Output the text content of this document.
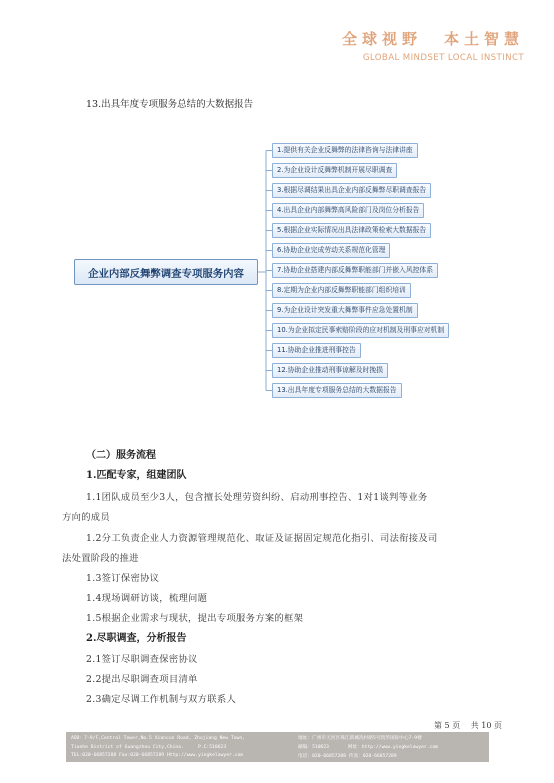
全球视野 本土智慧
GLOBAL MINDSET LOCAL INSTINCT
13.出具年度专项服务总结的大数据报告
企业内部反舞弊调查专项服务内容
1.提供有关企业反舞弊的法律咨询与法律讲座
2.为企业设计反舞弊机制开展尽职调查
3.根据尽调结果出具企业内部反舞弊尽职调查报告
4.出具企业内部舞弊高风险部门及岗位分析报告
5.根据企业实际情况出具法律政策检索大数据报告
6.协助企业完成劳动关系规范化管理
7.协助企业搭建内部反舞弊职能部门并嵌入风控体系
8.定期为企业内部反舞弊职能部门组织培训
9.为企业设计突发重大舞弊事件应急处置机制
10.为企业拟定民事索赔阶段的应对机制及刑事应对机制
11.协助企业推进刑事控告
12.协助企业推动刑事谅解及时挽损
13.出具年度专项服务总结的大数据报告
（二）服务流程
1.匹配专家，组建团队
1.1团队成员至少3人，包含擅长处理劳资纠纷、启动刑事控告、1对1谈判等业务
方向的成员
1.2分工负责企业人力资源管理规范化、取证及证据固定规范化指引、司法衔接及司
法处置阶段的推进
1.3签订保密协议
1.4现场调研访谈，梳理问题
1.5根据企业需求与现状，提出专项服务方案的框架
2.尽职调查，分析报告
2.1签订尽职调查保密协议
2.2提出尽职调查项目清单
2.3确定尽调工作机制与双方联系人
第 5 页　 共 10 页
ADD：7-9/F,Central Tower,No.5 Xiancun Road, Zhujiang New Town,
Tianhe District of Guangzhou City,China.　　　P.C:510623
TEL:020-66857288 Fax:020-66857289 Http://www.yingkelawyer.com
地址：广州市天河区珠江新城冼村路5号凯华国际中心7-9楼
邮编：510623　　　　网址：http://www.yingkelawyer.com
电话：020-66857288 传真：020-66857289
